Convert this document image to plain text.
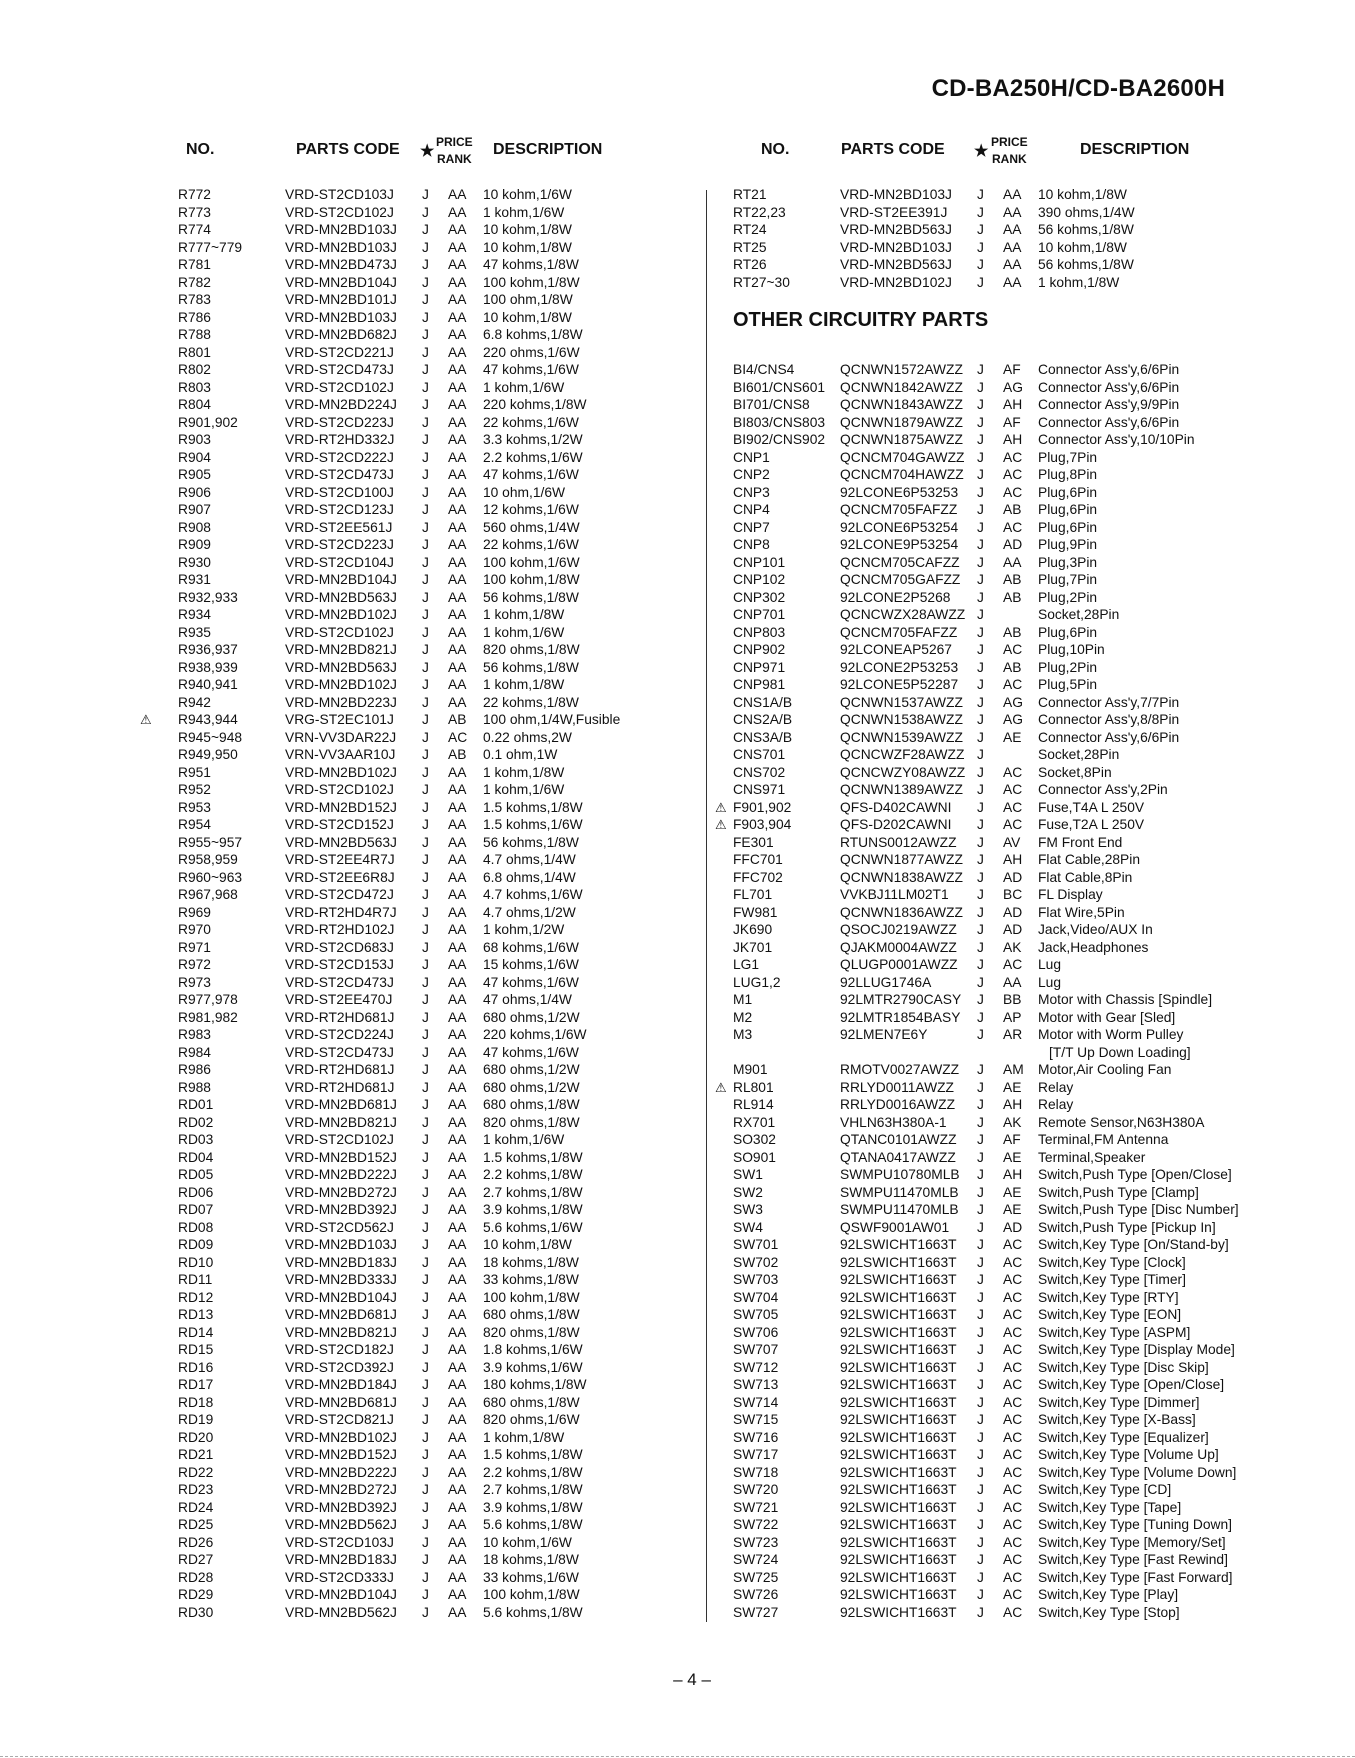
CD-BA250H/CD-BA2600H
NO.	PARTS CODE ★
PRICE
RANK
DESCRIPTION
R772	VRD-ST2CD103J J AA 10 kohm,1/6W
R773	VRD-ST2CD102J J AA 1 kohm,1/6W
R774	VRD-MN2BD103J J AA 10 kohm,1/8W
R777~779	VRD-MN2BD103J J AA 10 kohm,1/8W
R781	VRD-MN2BD473J J AA 47 kohms,1/8W
R782	VRD-MN2BD104J J AA 100 kohm,1/8W
R783	VRD-MN2BD101J J AA 100 ohm,1/8W
R786	VRD-MN2BD103J J AA 10 kohm,1/8W
R788	VRD-MN2BD682J J AA 6.8 kohms,1/8W
R801	VRD-ST2CD221J J AA 220 ohms,1/6W
R802	VRD-ST2CD473J J AA 47 kohms,1/6W
R803	VRD-ST2CD102J J AA 1 kohm,1/6W
R804	VRD-MN2BD224J J AA 220 kohms,1/8W
R901,902	VRD-ST2CD223J J AA 22 kohms,1/6W
R903	VRD-RT2HD332J J AA 3.3 kohms,1/2W
R904	VRD-ST2CD222J J AA 2.2 kohms,1/6W
R905	VRD-ST2CD473J J AA 47 kohms,1/6W
R906	VRD-ST2CD100J J AA 10 ohm,1/6W
R907	VRD-ST2CD123J J AA 12 kohms,1/6W
R908	VRD-ST2EE561J J AA 560 ohms,1/4W
R909	VRD-ST2CD223J J AA 22 kohms,1/6W
R930	VRD-ST2CD104J J AA 100 kohm,1/6W
R931	VRD-MN2BD104J J AA 100 kohm,1/8W
R932,933	VRD-MN2BD563J J AA 56 kohms,1/8W
R934	VRD-MN2BD102J J AA 1 kohm,1/8W
R935	VRD-ST2CD102J J AA 1 kohm,1/6W
R936,937	VRD-MN2BD821J J AA 820 ohms,1/8W
R938,939	VRD-MN2BD563J J AA 56 kohms,1/8W
R940,941	VRD-MN2BD102J J AA 1 kohm,1/8W
R942	VRD-MN2BD223J J AA 22 kohms,1/8W
⚠ R943,944	VRG-ST2EC101J J AB 100 ohm,1/4W,Fusible
R945~948	VRN-VV3DAR22J J AC 0.22 ohms,2W
R949,950	VRN-VV3AAR10J J AB 0.1 ohm,1W
R951	VRD-MN2BD102J J AA 1 kohm,1/8W
R952	VRD-ST2CD102J J AA 1 kohm,1/6W
R953	VRD-MN2BD152J J AA 1.5 kohms,1/8W
R954	VRD-ST2CD152J J AA 1.5 kohms,1/6W
R955~957	VRD-MN2BD563J J AA 56 kohms,1/8W
R958,959	VRD-ST2EE4R7J J AA 4.7 ohms,1/4W
R960~963	VRD-ST2EE6R8J J AA 6.8 ohms,1/4W
R967,968	VRD-ST2CD472J J AA 4.7 kohms,1/6W
R969	VRD-RT2HD4R7J J AA 4.7 ohms,1/2W
R970	VRD-RT2HD102J J AA 1 kohm,1/2W
R971	VRD-ST2CD683J J AA 68 kohms,1/6W
R972	VRD-ST2CD153J J AA 15 kohms,1/6W
R973	VRD-ST2CD473J J AA 47 kohms,1/6W
R977,978	VRD-ST2EE470J J AA 47 ohms,1/4W
R981,982	VRD-RT2HD681J J AA 680 ohms,1/2W
R983	VRD-ST2CD224J J AA 220 kohms,1/6W
R984	VRD-ST2CD473J J AA 47 kohms,1/6W
R986	VRD-RT2HD681J J AA 680 ohms,1/2W
R988	VRD-RT2HD681J J AA 680 ohms,1/2W
RD01	VRD-MN2BD681J J AA 680 ohms,1/8W
RD02	VRD-MN2BD821J J AA 820 ohms,1/8W
RD03	VRD-ST2CD102J J AA 1 kohm,1/6W
RD04	VRD-MN2BD152J J AA 1.5 kohms,1/8W
RD05	VRD-MN2BD222J J AA 2.2 kohms,1/8W
RD06	VRD-MN2BD272J J AA 2.7 kohms,1/8W
RD07	VRD-MN2BD392J J AA 3.9 kohms,1/8W
RD08	VRD-ST2CD562J J AA 5.6 kohms,1/6W
RD09	VRD-MN2BD103J J AA 10 kohm,1/8W
RD10	VRD-MN2BD183J J AA 18 kohms,1/8W
RD11	VRD-MN2BD333J J AA 33 kohms,1/8W
RD12	VRD-MN2BD104J J AA 100 kohm,1/8W
RD13	VRD-MN2BD681J J AA 680 ohms,1/8W
RD14	VRD-MN2BD821J J AA 820 ohms,1/8W
RD15	VRD-ST2CD182J J AA 1.8 kohms,1/6W
RD16	VRD-ST2CD392J J AA 3.9 kohms,1/6W
RD17	VRD-MN2BD184J J AA 180 kohms,1/8W
RD18	VRD-MN2BD681J J AA 680 ohms,1/8W
RD19	VRD-ST2CD821J J AA 820 ohms,1/6W
RD20	VRD-MN2BD102J J AA 1 kohm,1/8W
RD21	VRD-MN2BD152J J AA 1.5 kohms,1/8W
RD22	VRD-MN2BD222J J AA 2.2 kohms,1/8W
RD23	VRD-MN2BD272J J AA 2.7 kohms,1/8W
RD24	VRD-MN2BD392J J AA 3.9 kohms,1/8W
RD25	VRD-MN2BD562J J AA 5.6 kohms,1/8W
RD26	VRD-ST2CD103J J AA 10 kohm,1/6W
RD27	VRD-MN2BD183J J AA 18 kohms,1/8W
RD28	VRD-ST2CD333J J AA 33 kohms,1/6W
RD29	VRD-MN2BD104J J AA 100 kohm,1/8W
RD30	VRD-MN2BD562J J AA 5.6 kohms,1/8W
NO.	PARTS CODE ★
PRICE
RANK
DESCRIPTION
RT21	VRD-MN2BD103J J AA 10 kohm,1/8W
RT22,23	VRD-ST2EE391J J AA 390 ohms,1/4W
RT24	VRD-MN2BD563J J AA 56 kohms,1/8W
RT25	VRD-MN2BD103J J AA 10 kohm,1/8W
RT26	VRD-MN2BD563J J AA 56 kohms,1/8W
RT27~30	VRD-MN2BD102J J AA 1 kohm,1/8W
OTHER CIRCUITRY PARTS
BI4/CNS4	QCNWN1572AWZZ J AF Connector Ass'y,6/6Pin
BI601/CNS601 QCNWN1842AWZZ J AG Connector Ass'y,6/6Pin
BI701/CNS8 QCNWN1843AWZZ J AH Connector Ass'y,9/9Pin
BI803/CNS803 QCNWN1879AWZZ J AF Connector Ass'y,6/6Pin
BI902/CNS902 QCNWN1875AWZZ J AH Connector Ass'y,10/10Pin
CNP1	QCNCM704GAWZZ J AC Plug,7Pin
CNP2	QCNCM704HAWZZ J AC Plug,8Pin
CNP3	92LCONE6P53253 J AC Plug,6Pin
CNP4	QCNCM705FAFZZ J AB Plug,6Pin
CNP7	92LCONE6P53254 J AC Plug,6Pin
CNP8	92LCONE9P53254 J AD Plug,9Pin
CNP101	QCNCM705CAFZZ J AA Plug,3Pin
CNP102	QCNCM705GAFZZ J AB Plug,7Pin
CNP302	92LCONE2P5268 J AB Plug,2Pin
CNP701	QCNCWZX28AWZZ J	Socket,28Pin
CNP803	QCNCM705FAFZZ J AB Plug,6Pin
CNP902	92LCONEAP5267 J AC Plug,10Pin
CNP971	92LCONE2P53253 J AB Plug,2Pin
CNP981	92LCONE5P52287 J AC Plug,5Pin
CNS1A/B	QCNWN1537AWZZ J AG Connector Ass'y,7/7Pin
CNS2A/B	QCNWN1538AWZZ J AG Connector Ass'y,8/8Pin
CNS3A/B	QCNWN1539AWZZ J AE Connector Ass'y,6/6Pin
CNS701	QCNCWZF28AWZZ J	Socket,28Pin
CNS702	QCNCWZY08AWZZ J AC Socket,8Pin
CNS971	QCNWN1389AWZZ J AC Connector Ass'y,2Pin
⚠ F901,902	QFS-D402CAWNI J AC Fuse,T4A L 250V
⚠ F903,904	QFS-D202CAWNI J AC Fuse,T2A L 250V
FE301	RTUNS0012AWZZ J AV FM Front End
FFC701	QCNWN1877AWZZ J AH Flat Cable,28Pin
FFC702	QCNWN1838AWZZ J AD Flat Cable,8Pin
FL701	VVKBJ11LM02T1 J BC FL Display
FW981	QCNWN1836AWZZ J AD Flat Wire,5Pin
JK690	QSOCJ0219AWZZ J AD Jack,Video/AUX In
JK701	QJAKM0004AWZZ J AK Jack,Headphones
LG1	QLUGP0001AWZZ J AC Lug
LUG1,2	92LLUG1746A	J AA Lug
M1	92LMTR2790CASY J BB Motor with Chassis [Spindle]
M2	92LMTR1854BASY J AP Motor with Gear [Sled]
M3	92LMEN7E6Y	J AR Motor with Worm Pulley
[T/T Up Down Loading]
M901	RMOTV0027AWZZ J AM Motor,Air Cooling Fan
⚠ RL801	RRLYD0011AWZZ J AE Relay
RL914	RRLYD0016AWZZ J AH Relay
RX701	VHLN63H380A-1 J AK Remote Sensor,N63H380A
SO302	QTANC0101AWZZ J AF Terminal,FM Antenna
SO901	QTANA0417AWZZ J AE Terminal,Speaker
SW1	SWMPU10780MLB J AH Switch,Push Type [Open/Close]
SW2	SWMPU11470MLB J AE Switch,Push Type [Clamp]
SW3	SWMPU11470MLB J AE Switch,Push Type [Disc Number]
SW4	QSWF9001AW01 J AD Switch,Push Type [Pickup In]
SW701	92LSWICHT1663T J AC Switch,Key Type [On/Stand-by]
SW702	92LSWICHT1663T J AC Switch,Key Type [Clock]
SW703	92LSWICHT1663T J AC Switch,Key Type [Timer]
SW704	92LSWICHT1663T J AC Switch,Key Type [RTY]
SW705	92LSWICHT1663T J AC Switch,Key Type [EON]
SW706	92LSWICHT1663T J AC Switch,Key Type [ASPM]
SW707	92LSWICHT1663T J AC Switch,Key Type [Display Mode]
SW712	92LSWICHT1663T J AC Switch,Key Type [Disc Skip]
SW713	92LSWICHT1663T J AC Switch,Key Type [Open/Close]
SW714	92LSWICHT1663T J AC Switch,Key Type [Dimmer]
SW715	92LSWICHT1663T J AC Switch,Key Type [X-Bass]
SW716	92LSWICHT1663T J AC Switch,Key Type [Equalizer]
SW717	92LSWICHT1663T J AC Switch,Key Type [Volume Up]
SW718	92LSWICHT1663T J AC Switch,Key Type [Volume Down]
SW720	92LSWICHT1663T J AC Switch,Key Type [CD]
SW721	92LSWICHT1663T J AC Switch,Key Type [Tape]
SW722	92LSWICHT1663T J AC Switch,Key Type [Tuning Down]
SW723	92LSWICHT1663T J AC Switch,Key Type [Memory/Set]
SW724	92LSWICHT1663T J AC Switch,Key Type [Fast Rewind]
SW725	92LSWICHT1663T J AC Switch,Key Type [Fast Forward]
SW726	92LSWICHT1663T J AC Switch,Key Type [Play]
SW727	92LSWICHT1663T J AC Switch,Key Type [Stop]
– 4 –
